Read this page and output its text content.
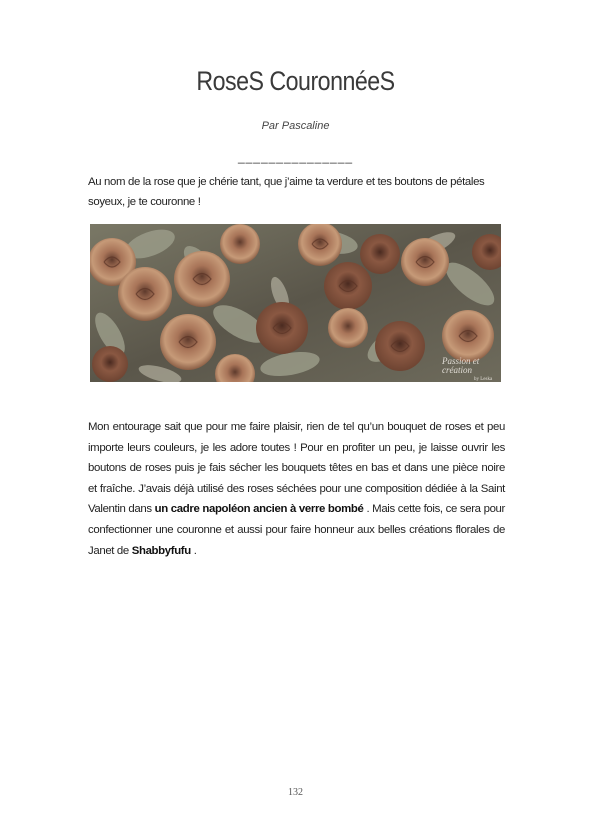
RoseS CouronnéeS
Par Pascaline
_______________

Au nom de la rose que je chérie tant, que j’aime ta verdure et tes boutons de pétales soyeux, je te couronne !

Passion et
création
by Leska

Mon entourage sait que pour me faire plaisir, rien de tel qu’un bouquet de roses et peu importe leurs couleurs, je les adore toutes ! Pour en profiter un peu, je laisse ouvrir les boutons de roses puis je fais sécher les bouquets têtes en bas et dans une pièce noire et fraîche. J’avais déjà utilisé des roses séchées pour une composition dédiée à la Saint Valentin dans un cadre napoléon ancien à verre bombé . Mais cette fois, ce sera pour confectionner une couronne et aussi pour faire honneur aux belles créations florales de Janet de Shabbyfufu .

132
